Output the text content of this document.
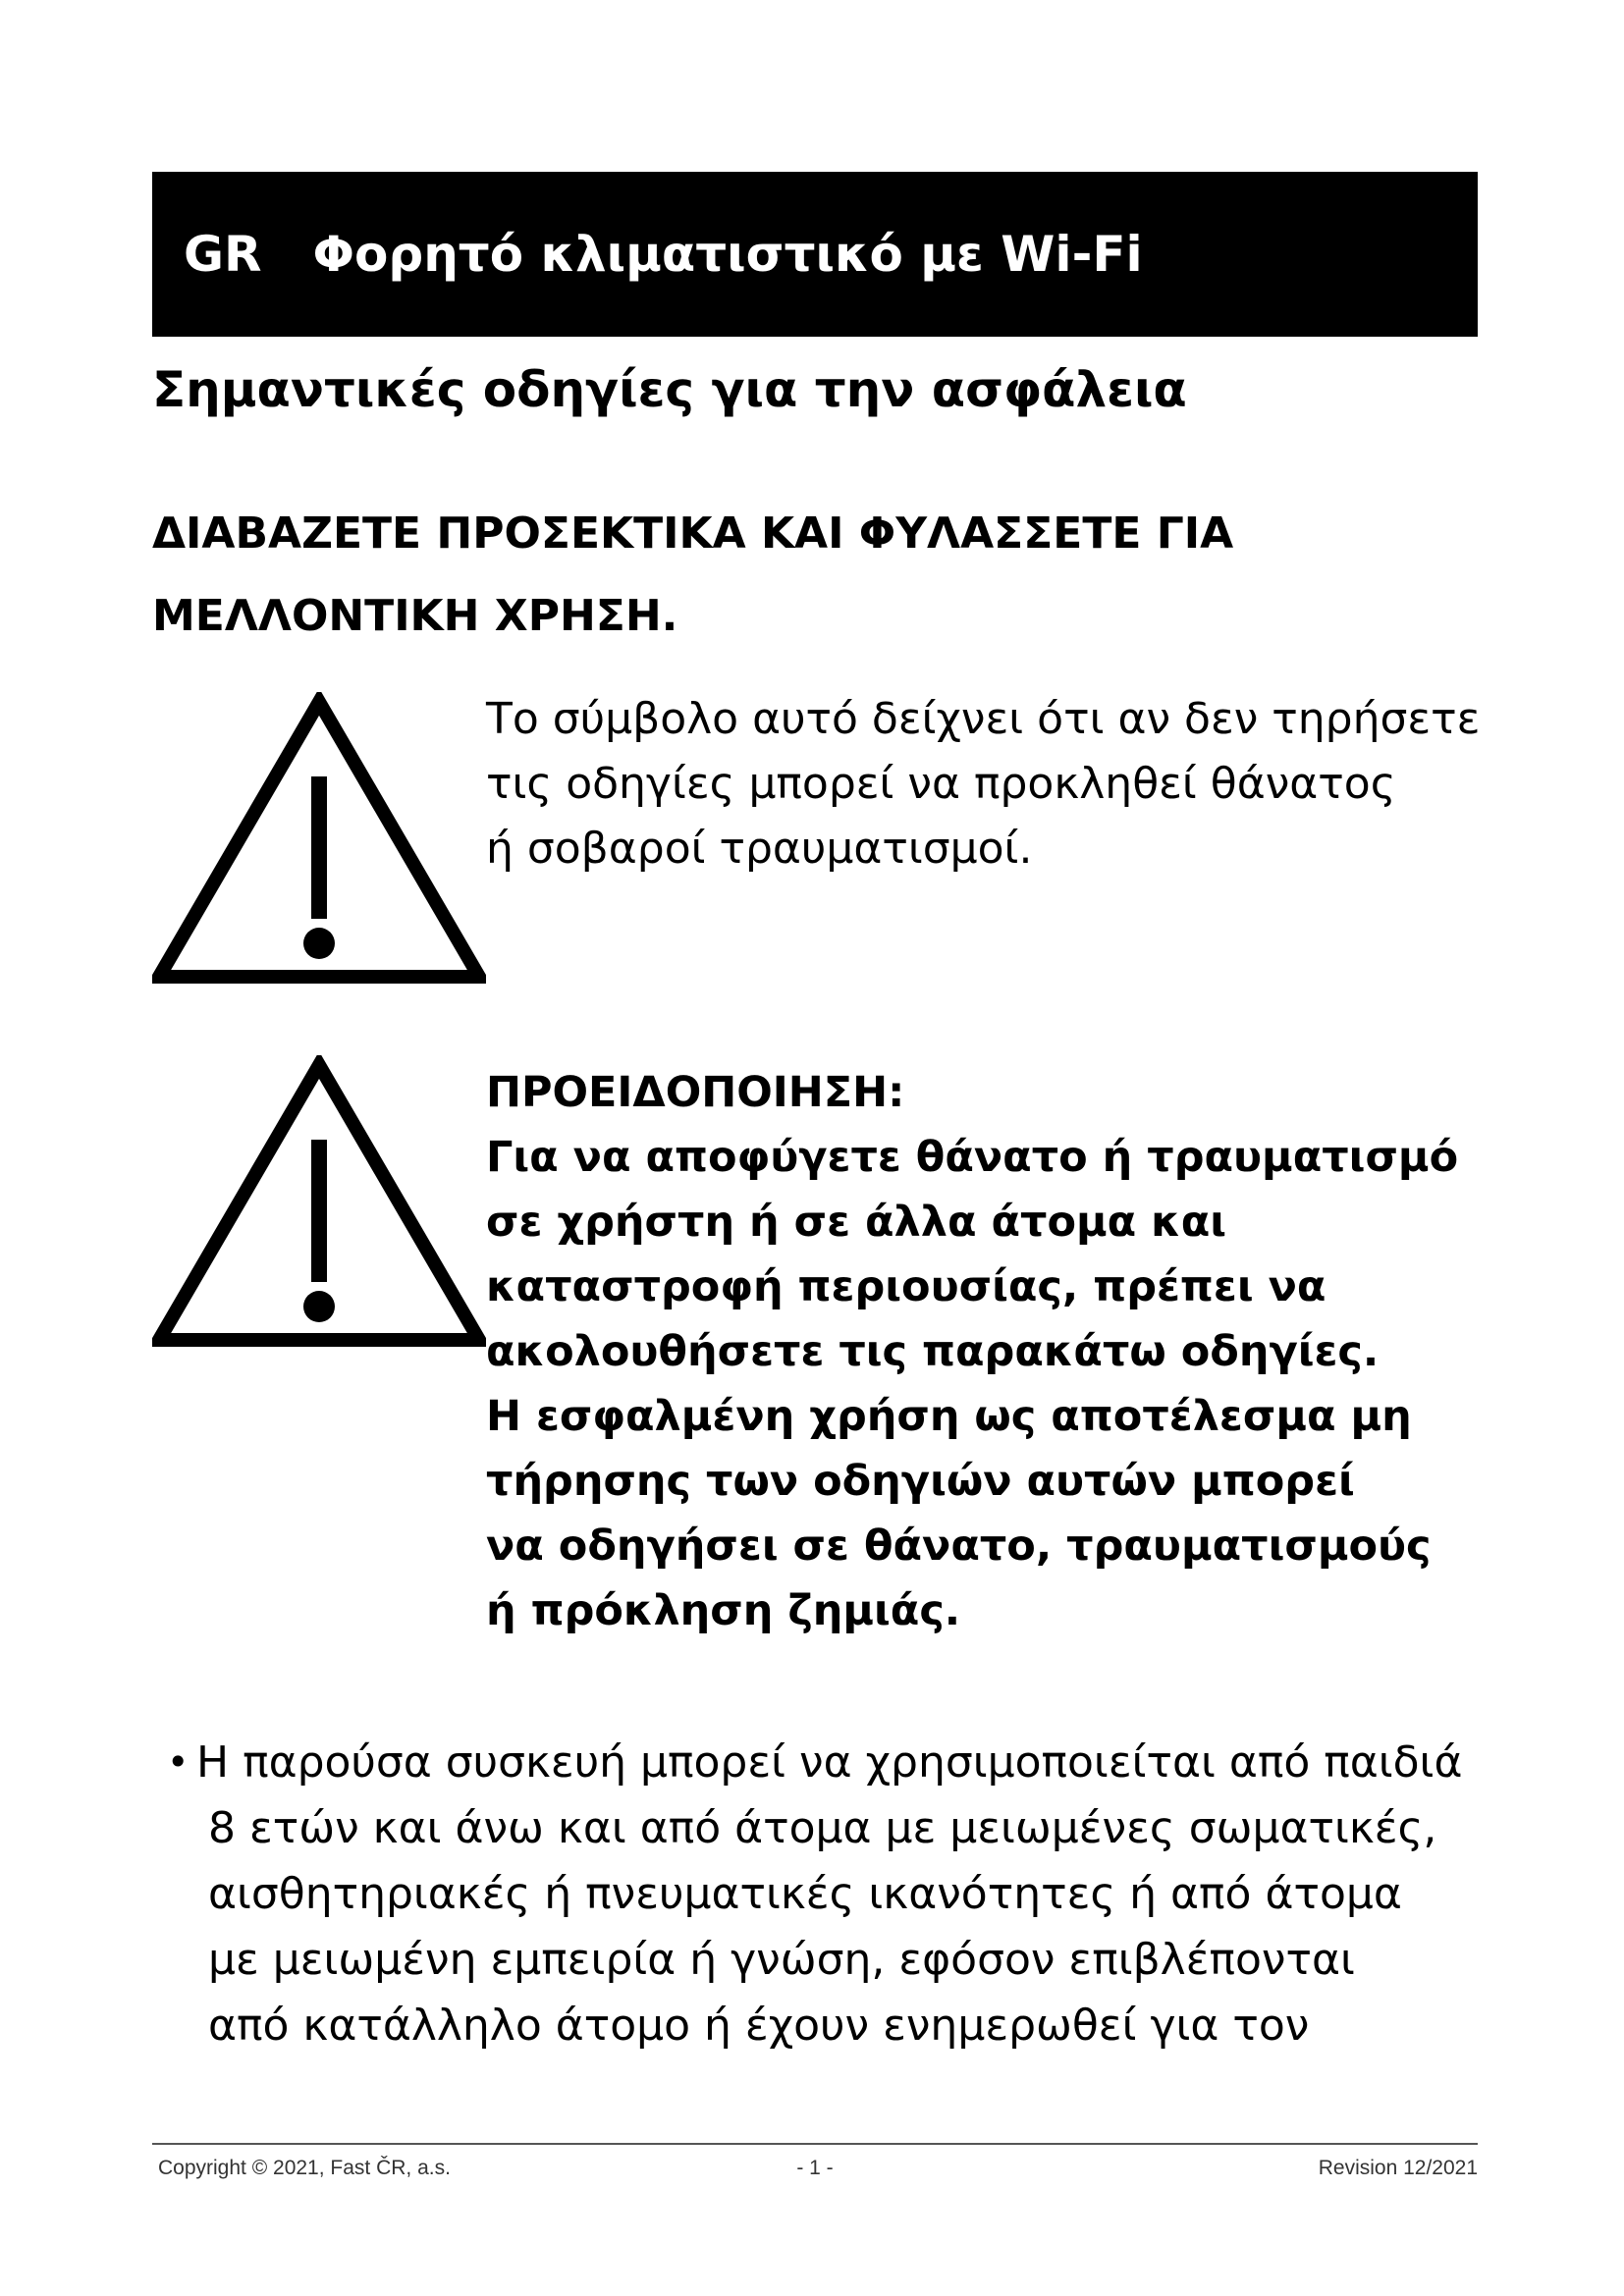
GR Φορητό κλιματιστικό με Wi-Fi
Σημαντικές οδηγίες για την ασφάλεια

ΔΙΑΒΑΖΕΤΕ ΠΡΟΣΕΚΤΙΚΑ ΚΑΙ ΦΥΛΑΣΣΕΤΕ ΓΙΑ
ΜΕΛΛΟΝΤΙΚΗ ΧΡΗΣΗ.

Το σύμβολο αυτό δείχνει ότι αν δεν τηρήσετε
τις οδηγίες μπορεί να προκληθεί θάνατος
ή σοβαροί τραυματισμοί.

ΠΡΟΕΙΔΟΠΟΙΗΣΗ:
Για να αποφύγετε θάνατο ή τραυματισμό
σε χρήστη ή σε άλλα άτομα και
καταστροφή περιουσίας, πρέπει να
ακολουθήσετε τις παρακάτω οδηγίες.
Η εσφαλμένη χρήση ως αποτέλεσμα μη
τήρησης των οδηγιών αυτών μπορεί
να οδηγήσει σε θάνατο, τραυματισμούς
ή πρόκληση ζημιάς.

• Η παρούσα συσκευή μπορεί να χρησιμοποιείται από παιδιά
8 ετών και άνω και από άτομα με μειωμένες σωματικές,
αισθητηριακές ή πνευματικές ικανότητες ή από άτομα
με μειωμένη εμπειρία ή γνώση, εφόσον επιβλέπονται
από κατάλληλο άτομο ή έχουν ενημερωθεί για τον
Copyright © 2021, Fast ČR, a.s.	- 1 -	Revision 12/2021
